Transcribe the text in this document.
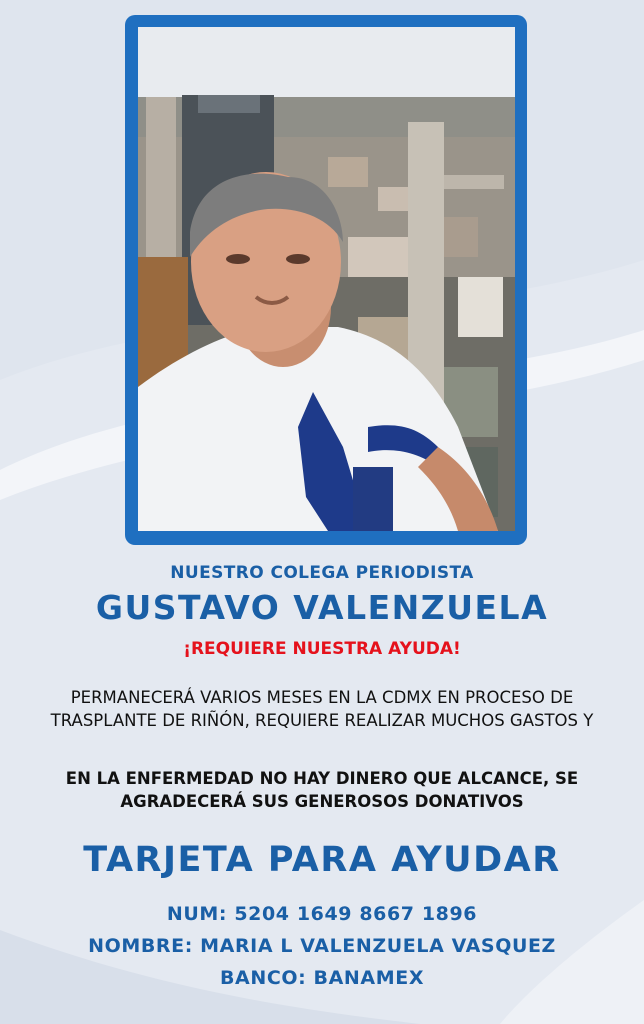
NUESTRO COLEGA PERIODISTA
GUSTAVO VALENZUELA
¡REQUIERE NUESTRA AYUDA!
PERMANECERÁ VARIOS MESES EN LA CDMX EN PROCESO DE TRASPLANTE DE RIÑÓN, REQUIERE REALIZAR MUCHOS GASTOS Y
EN LA ENFERMEDAD NO HAY DINERO QUE ALCANCE, SE AGRADECERÁ SUS GENEROSOS DONATIVOS
TARJETA PARA AYUDAR
NUM: 5204 1649 8667 1896
NOMBRE: MARIA L VALENZUELA VASQUEZ
BANCO: BANAMEX
